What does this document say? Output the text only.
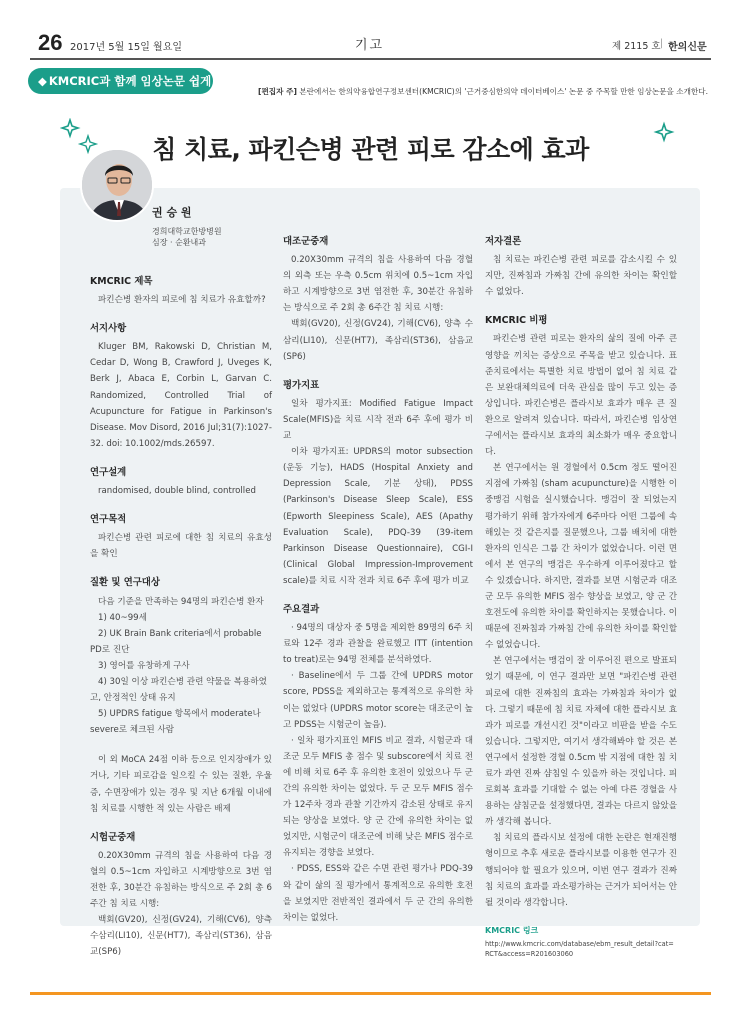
26 2017년 5월 15일 월요일	기고	제 2115 호 | 한의신문
◆ KMCRIC과 함께 임상논문 쉽게 읽기
[편집자 주] 본란에서는 한의약융합연구정보센터(KMCRIC)의 '근거중심한의약 데이터베이스' 논문 중 주목할 만한 임상논문을 소개한다.
침 치료, 파킨슨병 관련 피로 감소에 효과
권 승 원
경희대학교한방병원
심장 · 순환내과
KMCRIC 제목
파킨슨병 환자의 피로에 침 치료가 유효할까?
서지사항
Kluger BM, Rakowski D, Christian M, Cedar D, Wong B, Crawford J, Uveges K, Berk J, Abaca E, Corbin L, Garvan C. Randomized, Controlled Trial of Acupuncture for Fatigue in Parkinson's Disease. Mov Disord, 2016 Jul;31(7):1027-32. doi: 10.1002/mds.26597.
연구설계
randomised, double blind, controlled
연구목적
파킨슨병 관련 피로에 대한 침 치료의 유효성을 확인
질환 및 연구대상
다음 기준을 만족하는 94명의 파킨슨병 환자
1) 40~99세
2) UK Brain Bank criteria에서 probable PD로 진단
3) 영어를 유창하게 구사
4) 30일 이상 파킨슨병 관련 약물을 복용하였고, 안정적인 상태 유지
5) UPDRS fatigue 항목에서 moderate나 severe로 체크된 사람
이 외 MoCA 24점 이하 등으로 인지장애가 있거나, 기타 피로감을 일으킬 수 있는 질환, 우울증, 수면장애가 있는 경우 및 지난 6개월 이내에 침 치료를 시행한 적 있는 사람은 배제
시험군중재
0.20X30mm 규격의 침을 사용하여 다음 경혈의 0.5~1cm 자입하고 시계방향으로 3번 염전한 후, 30분간 유침하는 방식으로 주 2회 총 6주간 침 치료 시행:
백회(GV20), 신정(GV24), 기해(CV6), 양측 수삼리(LI10), 신문(HT7), 족삼리(ST36), 삼음교(SP6)
대조군중재
0.20X30mm 규격의 침을 사용하여 다음 경혈의 외측 또는 우측 0.5cm 위치에 0.5~1cm 자입하고 시계방향으로 3번 염전한 후, 30분간 유침하는 방식으로 주 2회 총 6주간 침 치료 시행:
백회(GV20), 신정(GV24), 기해(CV6), 양측 수삼리(LI10), 신문(HT7), 족삼리(ST36), 삼음교(SP6)
평가지표
일차 평가지표: Modified Fatigue Impact Scale(MFIS)을 치료 시작 전과 6주 후에 평가 비교
이차 평가지표: UPDRS의 motor subsection (운동 기능), HADS (Hospital Anxiety and Depression Scale, 기분 상태), PDSS (Parkinson's Disease Sleep Scale), ESS (Epworth Sleepiness Scale), AES (Apathy Evaluation Scale), PDQ-39 (39-item Parkinson Disease Questionnaire), CGI-I (Clinical Global Impression-Improvement scale)를 치료 시작 전과 치료 6주 후에 평가 비교
주요결과
· 94명의 대상자 중 5명을 제외한 89명의 6주 치료와 12주 경과 관찰을 완료했고 ITT (intention to treat)로는 94명 전체를 분석하였다.
· Baseline에서 두 그룹 간에 UPDRS motor score, PDSS을 제외하고는 통계적으로 유의한 차이는 없었다 (UPDRS motor score는 대조군이 높고 PDSS는 시험군이 높음).
· 일차 평가지표인 MFIS 비교 결과, 시험군과 대조군 모두 MFIS 총 점수 및 subscore에서 치료 전에 비해 치료 6주 후 유의한 호전이 있었으나 두 군 간의 유의한 차이는 없었다. 두 군 모두 MFIS 점수가 12주차 경과 관찰 기간까지 감소된 상태로 유지되는 양상을 보였다. 양 군 간에 유의한 차이는 없었지만, 시험군이 대조군에 비해 낮은 MFIS 점수로 유지되는 경향을 보였다.
· PDSS, ESS와 같은 수면 관련 평가나 PDQ-39와 같이 삶의 질 평가에서 통계적으로 유의한 호전을 보였지만 전반적인 결과에서 두 군 간의 유의한 차이는 없었다.
저자결론
침 치료는 파킨슨병 관련 피로를 감소시킬 수 있지만, 진짜침과 가짜침 간에 유의한 차이는 확인할 수 없었다.
KMCRIC 비평
파킨슨병 관련 피로는 환자의 삶의 질에 아주 큰 영향을 끼치는 증상으로 주목을 받고 있습니다. 표준치료에서는 특별한 치료 방법이 없어 침 치료 같은 보완대체의료에 더욱 관심을 많이 두고 있는 증상입니다. 파킨슨병은 플라시보 효과가 매우 큰 질환으로 알려져 있습니다. 따라서, 파킨슨병 임상연구에서는 플라시보 효과의 최소화가 매우 중요합니다.
본 연구에서는 원 경혈에서 0.5cm 정도 떨어진 지점에 가짜침 (sham acupuncture)을 시행한 이중맹검 시험을 실시했습니다. 맹검이 잘 되었는지 평가하기 위해 참가자에게 6주마다 어떤 그룹에 속해있는 것 같은지를 질문했으나, 그룹 배치에 대한 환자의 인식은 그룹 간 차이가 없었습니다. 이런 면에서 본 연구의 맹검은 우수하게 이루어졌다고 할 수 있겠습니다. 하지만, 결과를 보면 시험군과 대조군 모두 유의한 MFIS 점수 향상을 보였고, 양 군 간 호전도에 유의한 차이를 확인하지는 못했습니다. 이 때문에 진짜침과 가짜침 간에 유의한 차이를 확인할 수 없었습니다.
본 연구에서는 맹검이 잘 이루어진 편으로 발표되었기 때문에, 이 연구 결과만 보면 "파킨슨병 관련 피로에 대한 진짜침의 효과는 가짜침과 차이가 없다. 그렇기 때문에 침 치료 자체에 대한 플라시보 효과가 피로를 개선시킨 것"이라고 비판을 받을 수도 있습니다. 그렇지만, 여기서 생각해봐야 할 것은 본 연구에서 설정한 경혈 0.5cm 밖 지점에 대한 침 치료가 과연 진짜 샴침일 수 있을까 하는 것입니다. 피로회복 효과를 기대할 수 없는 아예 다른 경혈을 사용하는 샴침군을 설정했다면, 결과는 다르지 않았을까 생각해 봅니다.
침 치료의 플라시보 설정에 대한 논란은 현재진행형이므로 추후 새로운 플라시보를 이용한 연구가 진행되어야 할 필요가 있으며, 이번 연구 결과가 진짜침 치료의 효과를 과소평가하는 근거가 되어서는 안 될 것이라 생각합니다.
KMCRIC 링크
http://www.kmcric.com/database/ebm_result_detail?cat=RCT&access=R201603060
